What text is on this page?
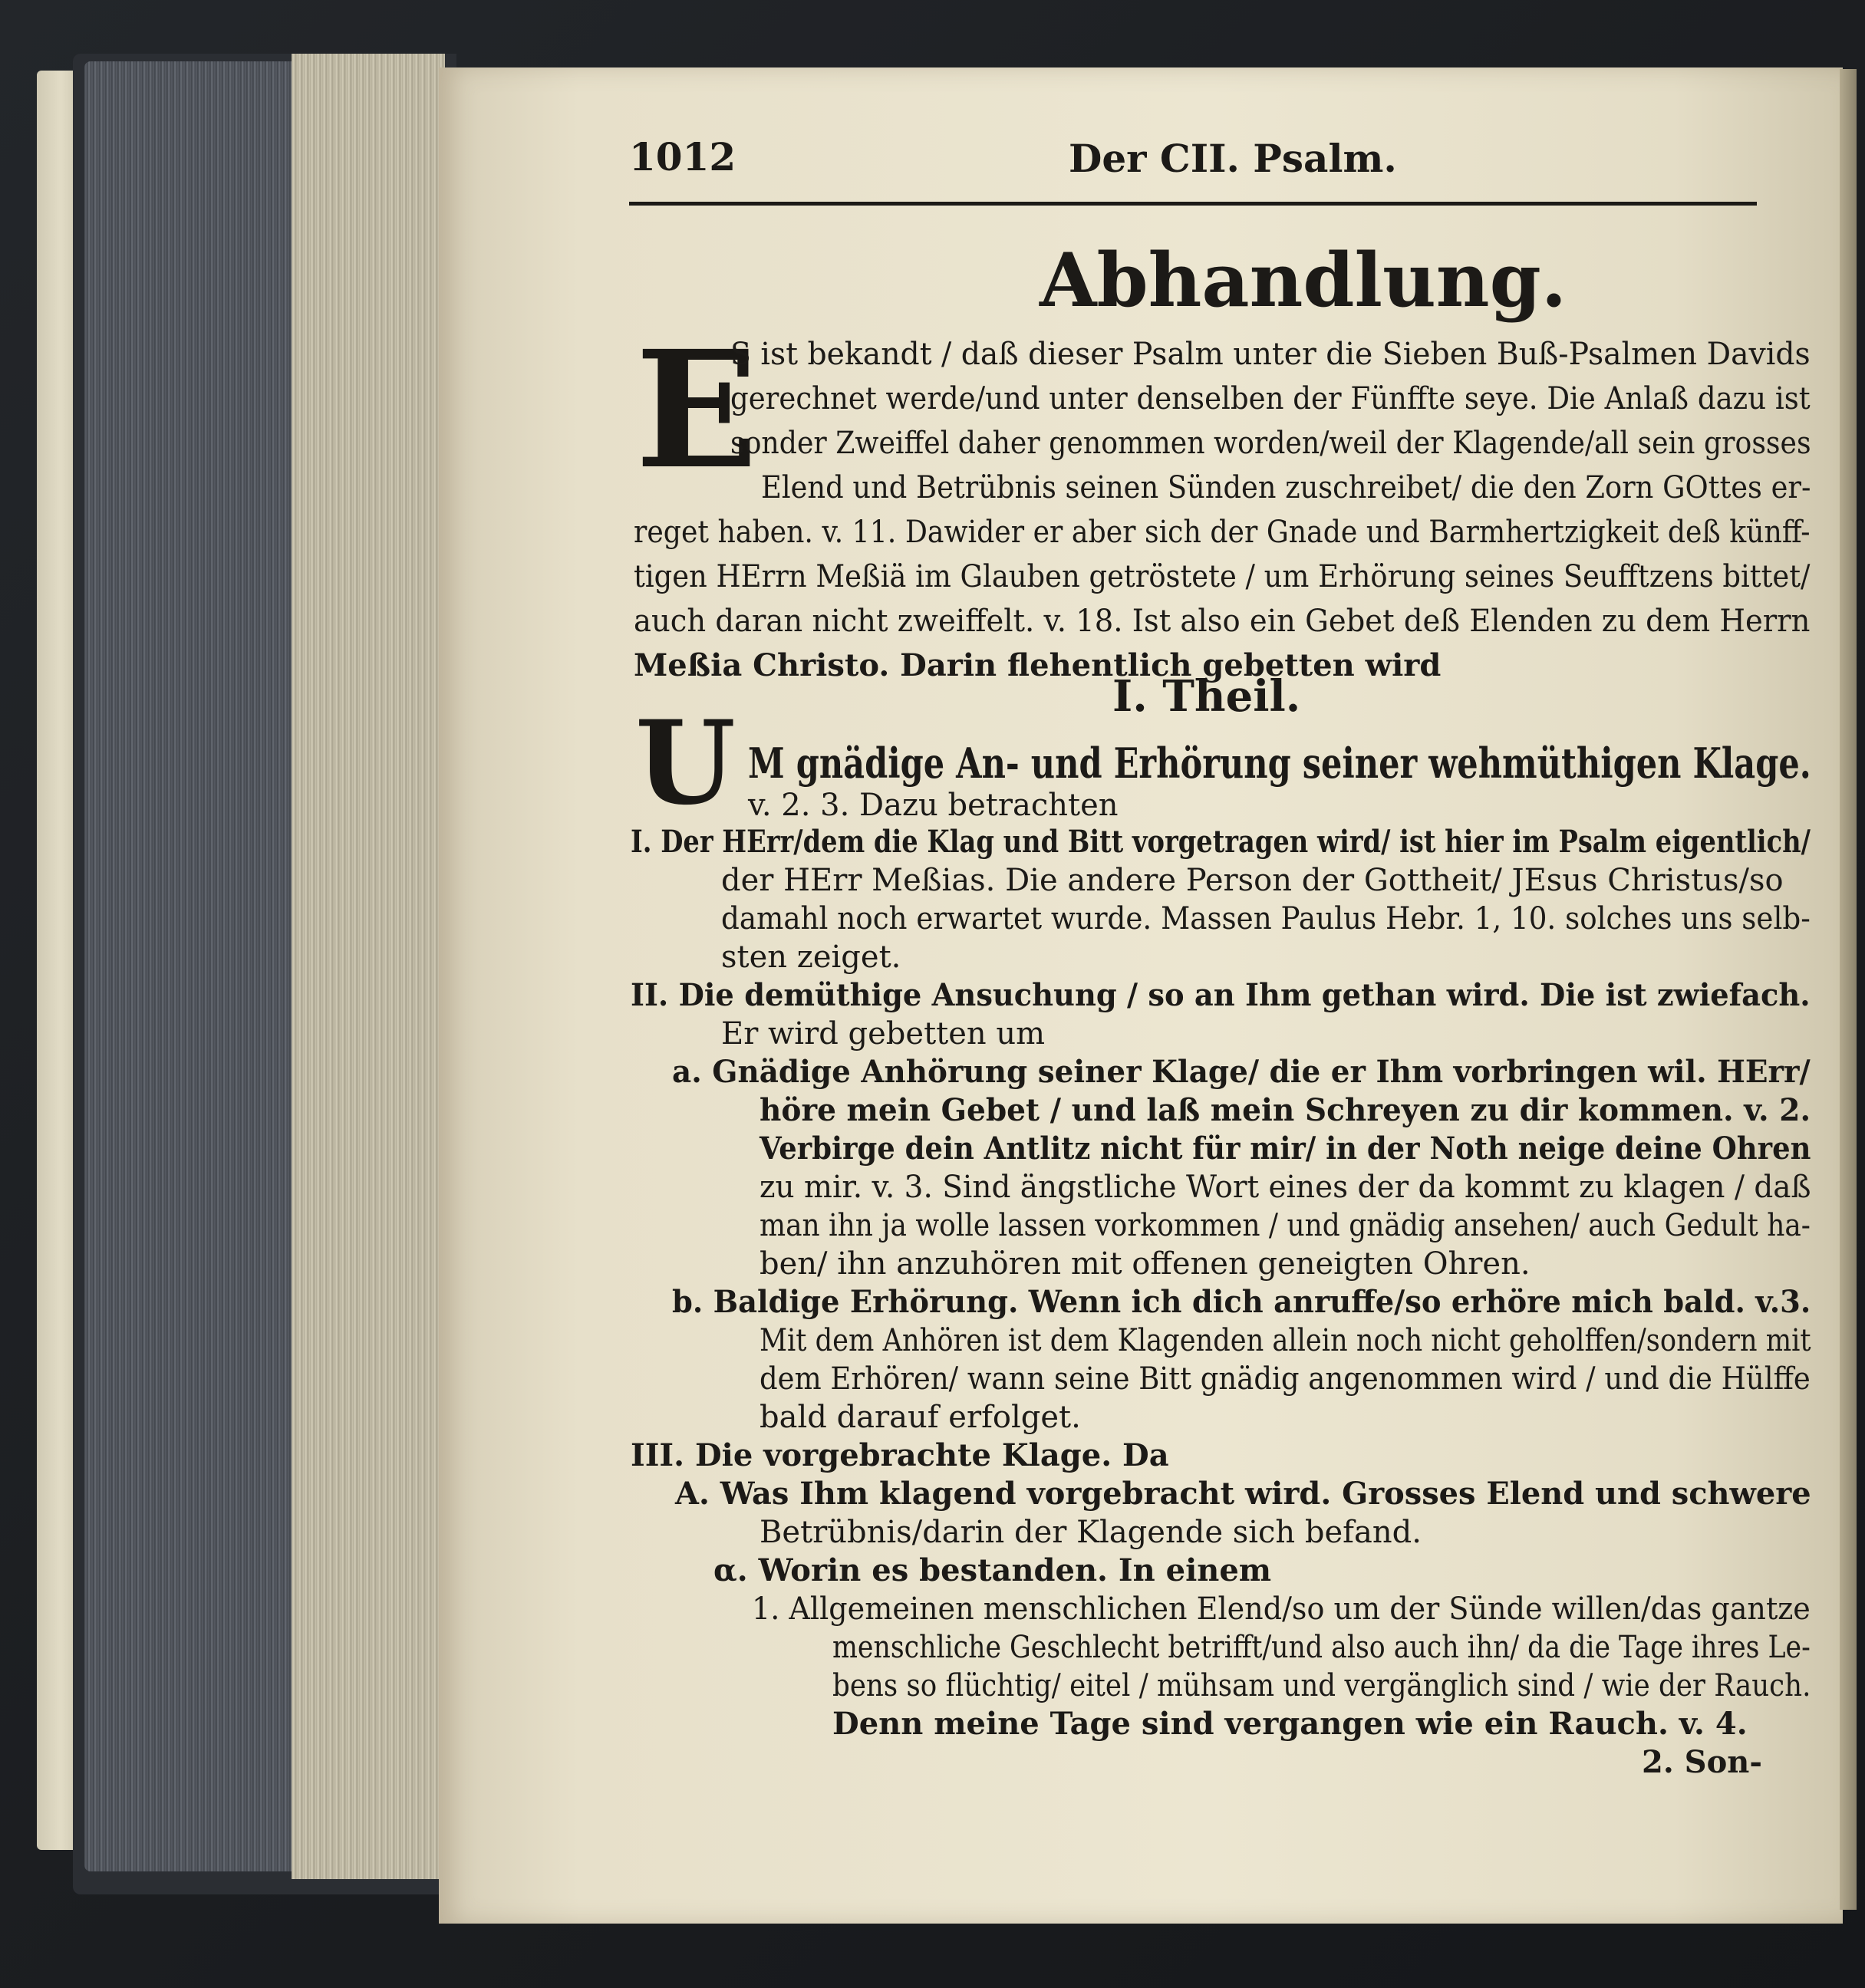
1012	Der CII. Psalm.
Abhandlung.
E
S ist bekandt / daß dieser Psalm unter die Sieben Buß-Psalmen Davids
gerechnet werde/und unter denselben der Fünffte seye. Die Anlaß dazu ist
sonder Zweiffel daher genommen worden/weil der Klagende/all sein grosses
Elend und Betrübnis seinen Sünden zuschreibet/ die den Zorn GOttes er-
reget haben. v. 11. Dawider er aber sich der Gnade und Barmhertzigkeit deß künff-
tigen HErrn Meßiä im Glauben getröstete / um Erhörung seines Seufftzens bittet/
auch daran nicht zweiffelt. v. 18. Ist also ein Gebet deß Elenden zu dem Herrn
Meßia Christo. Darin flehentlich gebetten wird
I. Theil.
U M gnädige An- und Erhörung seiner wehmüthigen Klage.
v. 2. 3. Dazu betrachten
I. Der HErr/dem die Klag und Bitt vorgetragen wird/ ist hier im Psalm eigentlich/
der HErr Meßias. Die andere Person der Gottheit/ JEsus Christus/so
damahl noch erwartet wurde. Massen Paulus Hebr. 1, 10. solches uns selb-
sten zeiget.
II. Die demüthige Ansuchung / so an Ihm gethan wird. Die ist zwiefach.
Er wird gebetten um
a. Gnädige Anhörung seiner Klage/ die er Ihm vorbringen wil. HErr/
höre mein Gebet / und laß mein Schreyen zu dir kommen. v. 2.
Verbirge dein Antlitz nicht für mir/ in der Noth neige deine Ohren
zu mir. v. 3. Sind ängstliche Wort eines der da kommt zu klagen / daß
man ihn ja wolle lassen vorkommen / und gnädig ansehen/ auch Gedult ha-
ben/ ihn anzuhören mit offenen geneigten Ohren.
b. Baldige Erhörung. Wenn ich dich anruffe/so erhöre mich bald. v.3.
Mit dem Anhören ist dem Klagenden allein noch nicht geholffen/sondern mit
dem Erhören/ wann seine Bitt gnädig angenommen wird / und die Hülffe
bald darauf erfolget.
III. Die vorgebrachte Klage. Da
A. Was Ihm klagend vorgebracht wird. Grosses Elend und schwere
Betrübnis/darin der Klagende sich befand.
α. Worin es bestanden. In einem
1. Allgemeinen menschlichen Elend/so um der Sünde willen/das gantze
menschliche Geschlecht betrifft/und also auch ihn/ da die Tage ihres Le-
bens so flüchtig/ eitel / mühsam und vergänglich sind / wie der Rauch.
Denn meine Tage sind vergangen wie ein Rauch. v. 4.
2. Son-
